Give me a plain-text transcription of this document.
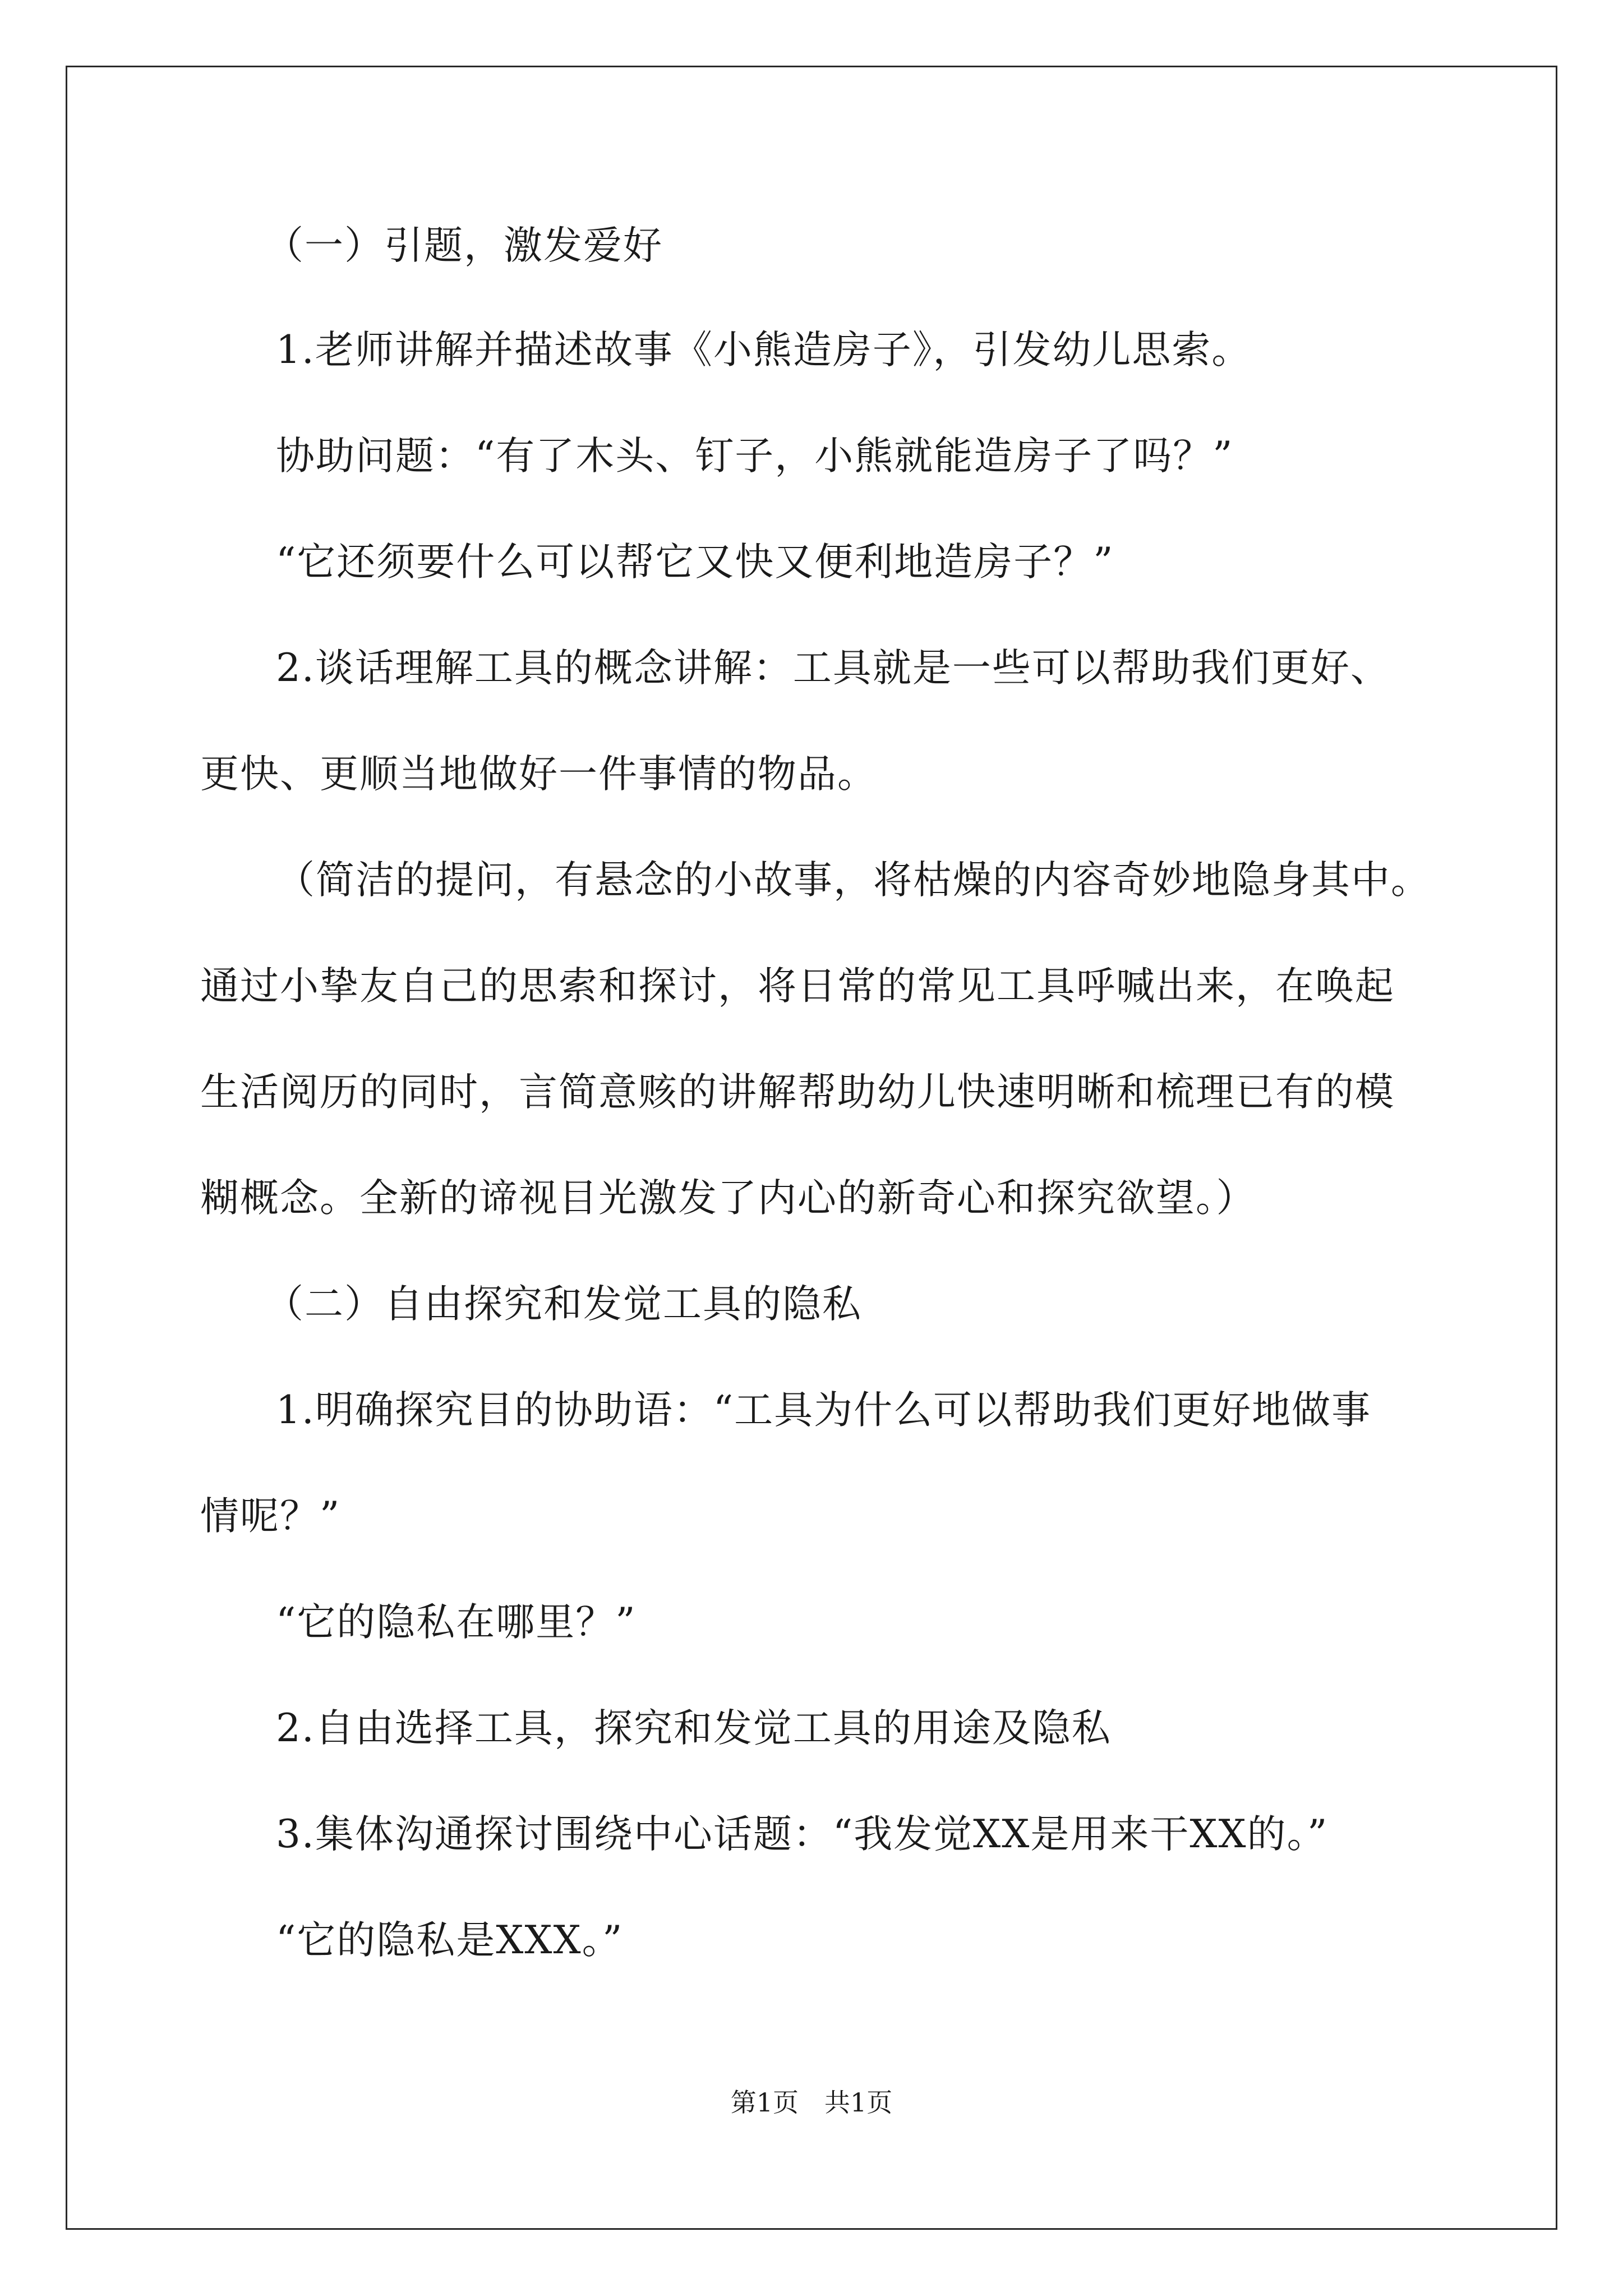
（一）引题，激发爱好
1.老师讲解并描述故事《小熊造房子》，引发幼儿思索。
协助问题：“有了木头、钉子，小熊就能造房子了吗？”
“它还须要什么可以帮它又快又便利地造房子？”
2.谈话理解工具的概念讲解：工具就是一些可以帮助我们更好、
更快、更顺当地做好一件事情的物品。
（简洁的提问，有悬念的小故事，将枯燥的内容奇妙地隐身其中。
通过小挚友自己的思索和探讨，将日常的常见工具呼喊出来，在唤起
生活阅历的同时，言简意赅的讲解帮助幼儿快速明晰和梳理已有的模
糊概念。全新的谛视目光激发了内心的新奇心和探究欲望。）
（二）自由探究和发觉工具的隐私
1.明确探究目的协助语：“工具为什么可以帮助我们更好地做事
情呢？”
“它的隐私在哪里？”
2.自由选择工具，探究和发觉工具的用途及隐私
3.集体沟通探讨围绕中心话题：“我发觉XX是用来干XX的。”
“它的隐私是XXX。”
第1页　共1页
